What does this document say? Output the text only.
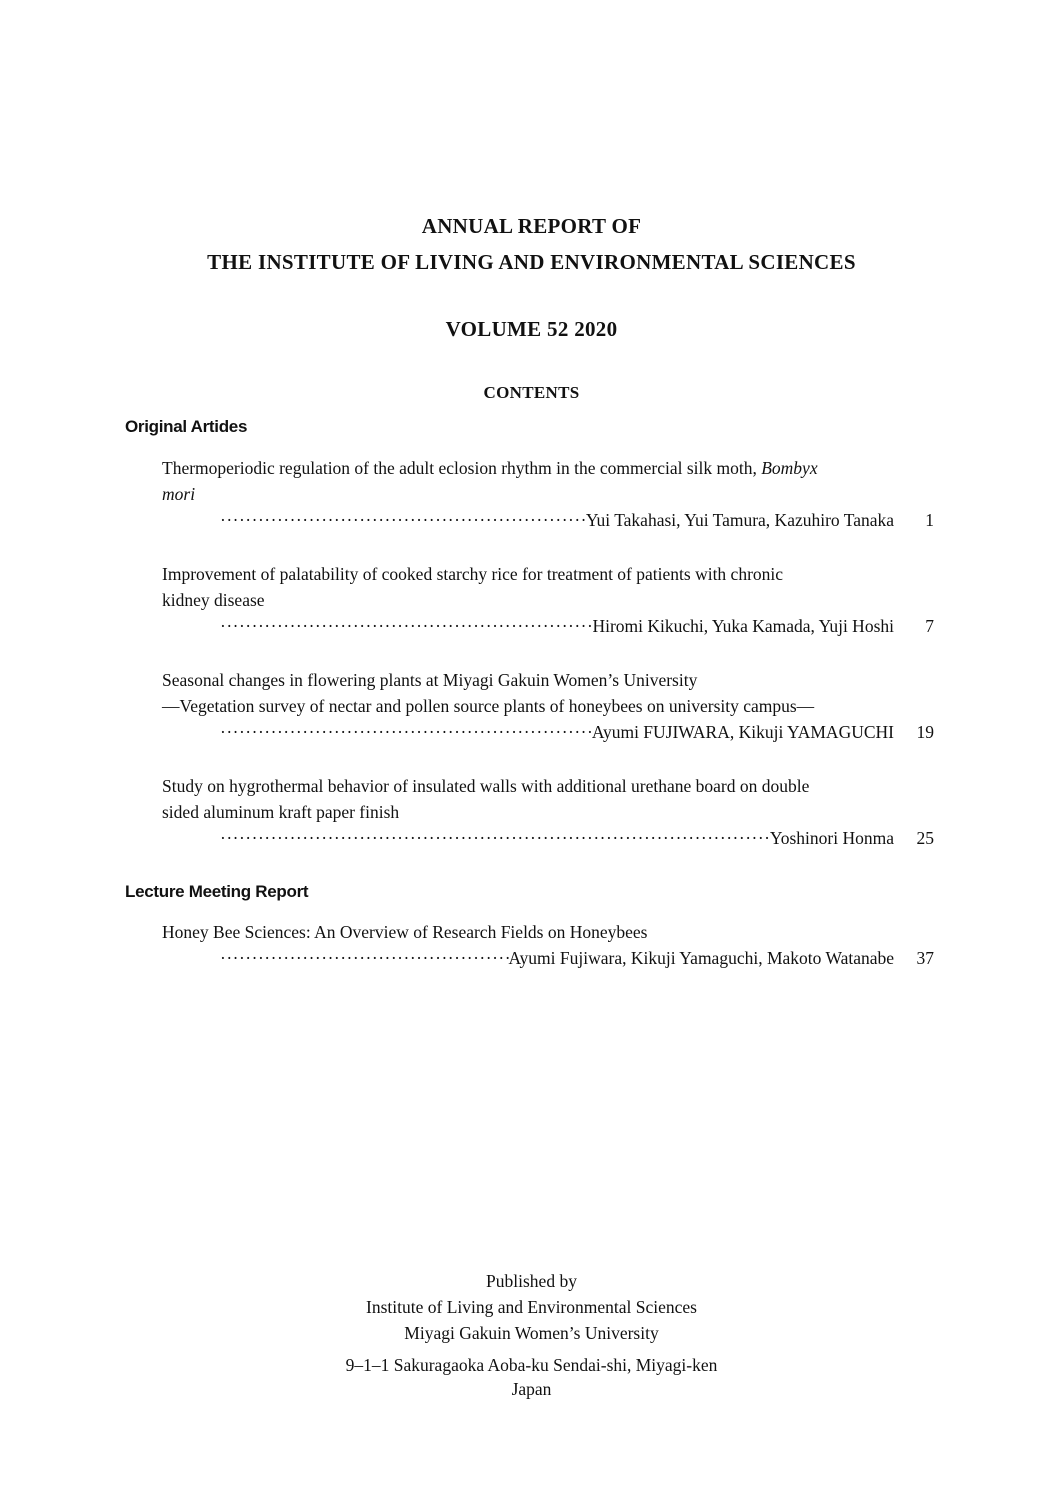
ANNUAL REPORT OF
THE INSTITUTE OF LIVING AND ENVIRONMENTAL SCIENCES
VOLUME 52 2020
CONTENTS
Original Artides
Thermoperiodic regulation of the adult eclosion rhythm in the commercial silk moth, Bombyx
mori
·····
Yui Takahasi, Yui Tamura, Kazuhiro Tanaka	1
Improvement of palatability of cooked starchy rice for treatment of patients with chronic
kidney disease
·····
Hiromi Kikuchi, Yuka Kamada, Yuji Hoshi	7
Seasonal changes in flowering plants at Miyagi Gakuin Women’s University
—Vegetation survey of nectar and pollen source plants of honeybees on university campus—
·····
Ayumi FUJIWARA, Kikuji YAMAGUCHI	19
Study on hygrothermal behavior of insulated walls with additional urethane board on double
sided aluminum kraft paper finish
·····
Yoshinori Honma	25
Lecture Meeting Report
Honey Bee Sciences: An Overview of Research Fields on Honeybees
·····
Ayumi Fujiwara, Kikuji Yamaguchi, Makoto Watanabe	37
Published by
Institute of Living and Environmental Sciences
Miyagi Gakuin Women’s University
9‒1‒1 Sakuragaoka Aoba-ku Sendai-shi, Miyagi-ken
Japan
